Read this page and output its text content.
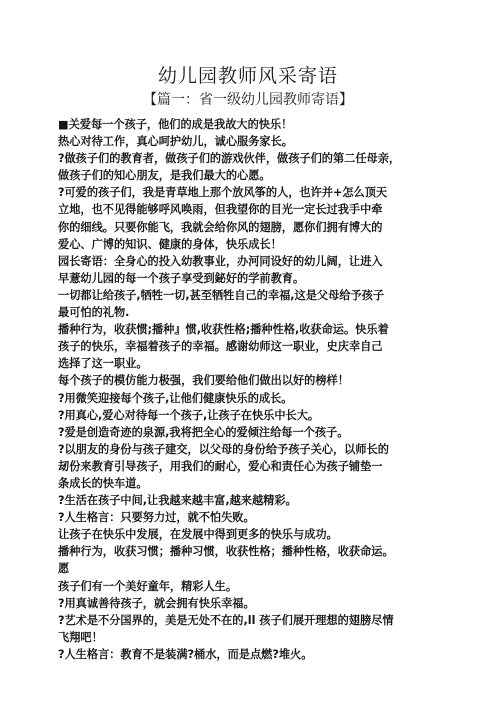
幼儿园教师风采寄语
【篇一：省一级幼儿园教师寄语】

■关爱每一个孩子，他们的成是我故大的快乐！

热心对待工作，真心呵护幼儿，诚心服务家长。

?做孩子们的教育者，做孩子们的游戏伙伴，做孩子们的第二任母亲，

做孩子们的知心朋友，是我们最大的心愿。

?可爱的孩子们，我是青草地上那个放风筝的人，也许并+怎么顶天

立地，也不见得能够呼风唤雨，但我望你的目光一定长过我手中牵

你的细线。只要你能飞，我就会给你风的翅膀，愿你们拥有博大的

爱心、广博的知识、健康的身体，快乐成长！

园长寄语：全身心的投入幼教事业，办河同设好的幼儿阔，让进入

早薏幼儿园的每一个孩子享受到鉍好的学前教育。

一切都让给孩子,牺牲一切,甚至牺牲自己的幸福,这是父母给予孩子

最可怕的礼物.

播种行为，收获惯;播种』惯,收获性格;播种性格,收获命运。快乐着

孩子的快乐，幸福着孩子的幸福。感谢幼师这一职业，史庆幸自己

选择了这一职业。

每个孩子的模仿能力极强，我们要给他们做出以好的榜样！

?用微笑迎接每个孩子,让他们健康快乐的成长。

?用真心,爱心对待每一个孩子,让孩子在快乐中长大。

?爱是创造奇迹的泉源,我将把全心的爱倾注给每一个孩子。

?以朋友的身份与孩子建交，以父母的身份给予孩子关心，以师长的

刼份来教育引导孩子，用我们的耐心，爱心和责任心为孩子铺垫一

条成长的快车道。

?生活在孩子中间,让我越来越丰富,越来越精彩。

?人生格言：只要努力过，就不怕失败。

让孩子在快乐中发展，在发展中得到更多的快乐与成功。

播种行为，收获习惯；播种习惯，收获性格；播种性格，收获命运。

愿

孩子们有一个美好童年，精彩人生。

?用真诚善待孩子，就会拥有快乐幸福。

?艺术是不分国界的，美是无处不在的,ll 孩子们展开理想的翅膀尽情

飞翔吧！

?人生格言：教育不是装满?桶水，而是点燃?堆火。
